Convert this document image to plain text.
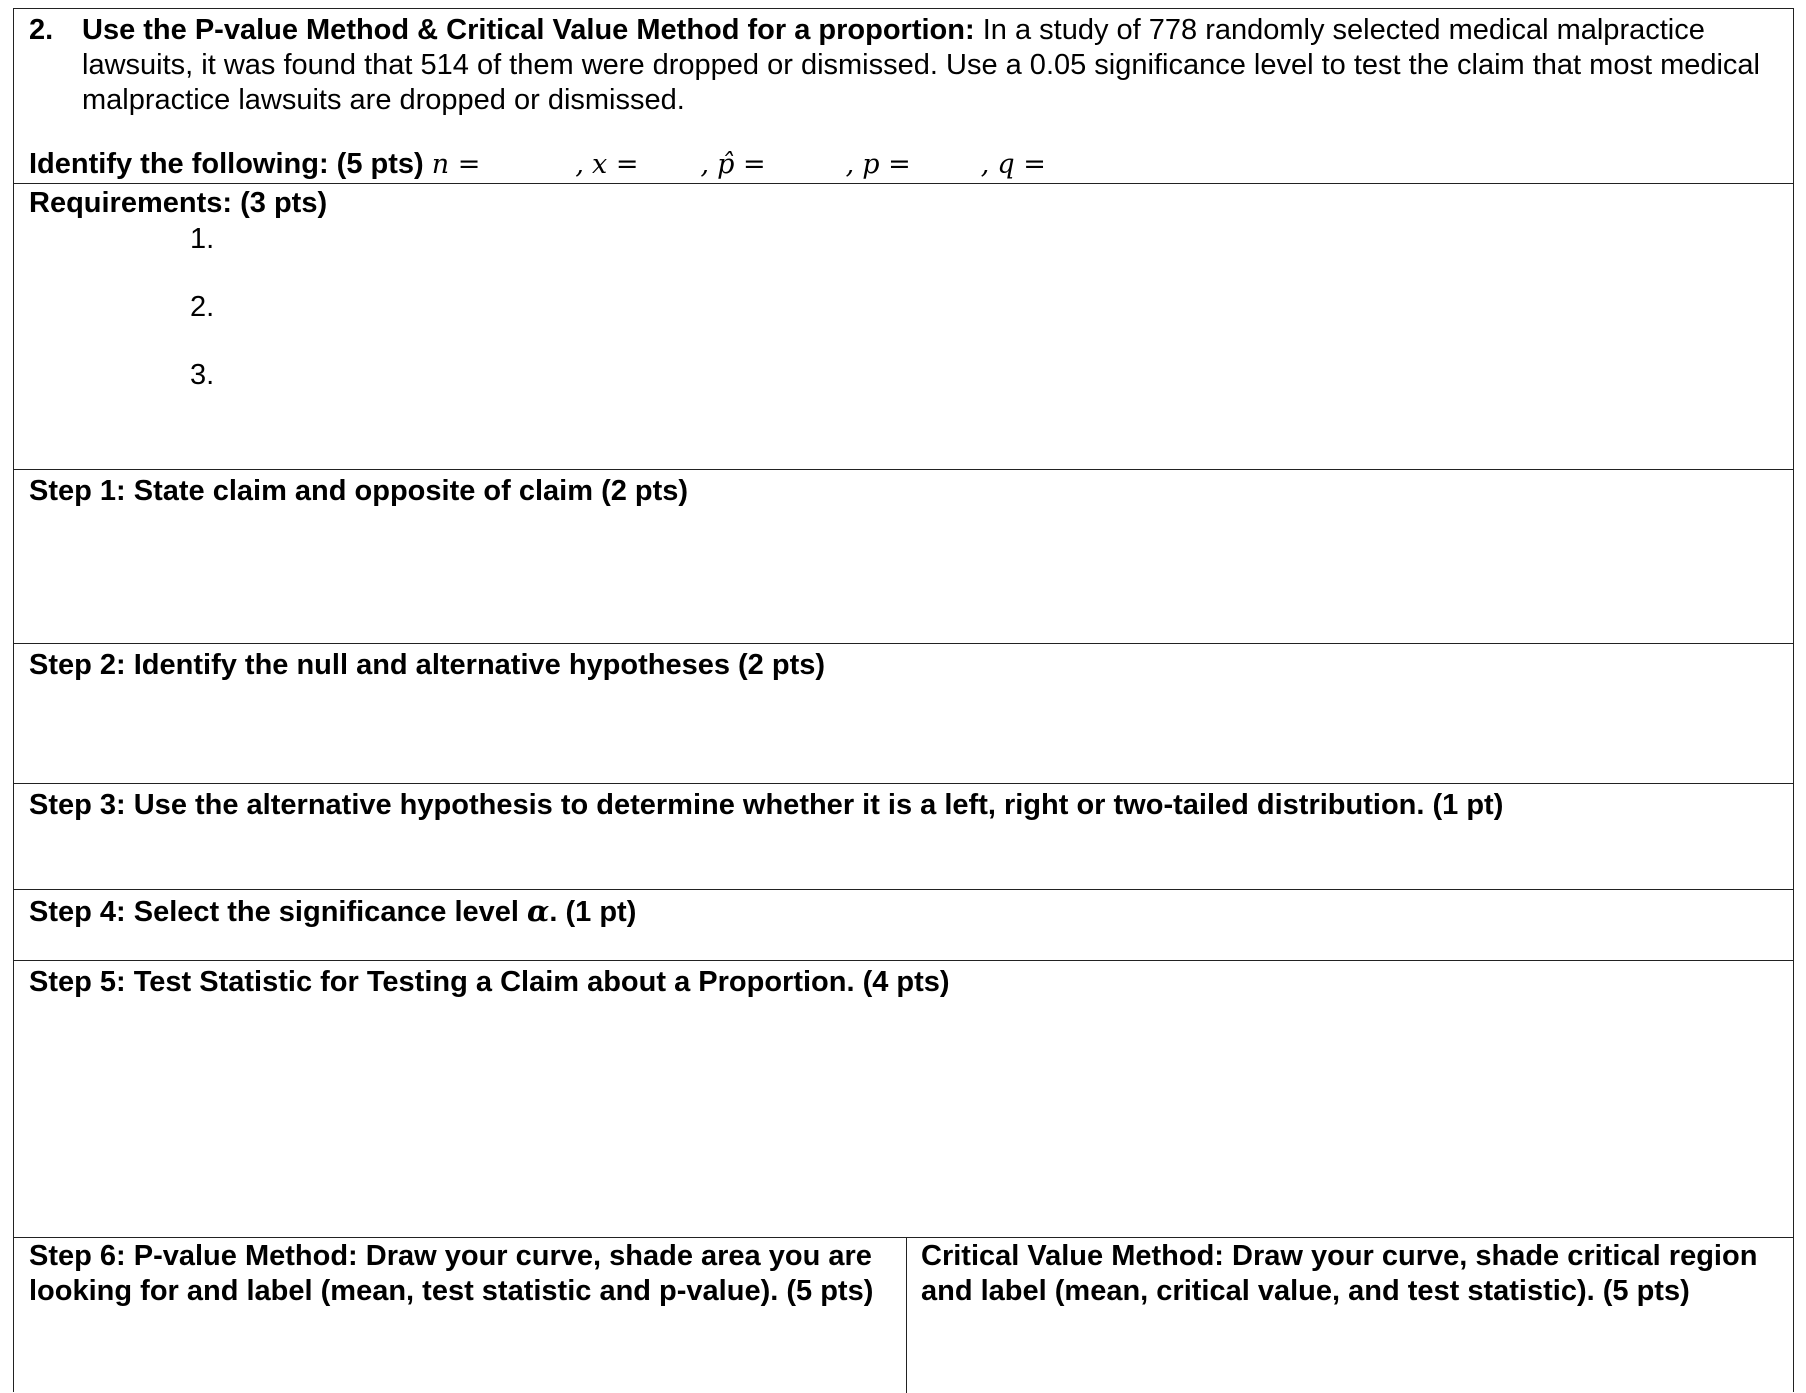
2. Use the P-value Method & Critical Value Method for a proportion: In a study of 778 randomly selected medical malpractice lawsuits, it was found that 514 of them were dropped or dismissed. Use a 0.05 significance level to test the claim that most medical malpractice lawsuits are dropped or dismissed.
Identify the following: (5 pts) n =	, x = , p̂ =	, p =	, q =
Requirements: (3 pts)
1.
2.
3.
Step 1: State claim and opposite of claim (2 pts)
Step 2: Identify the null and alternative hypotheses (2 pts)
Step 3: Use the alternative hypothesis to determine whether it is a left, right or two-tailed distribution. (1 pt)
Step 4: Select the significance level α. (1 pt)
Step 5: Test Statistic for Testing a Claim about a Proportion. (4 pts)
Step 6: P-value Method: Draw your curve, shade area you are looking for and label (mean, test statistic and p-value). (5 pts)
Critical Value Method: Draw your curve, shade critical region and label (mean, critical value, and test statistic). (5 pts)
